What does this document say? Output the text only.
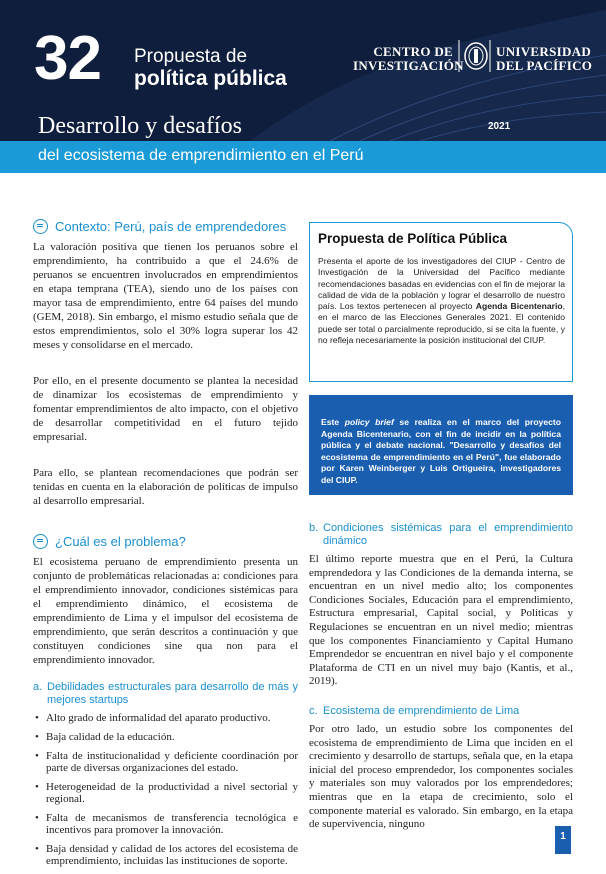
32 Propuesta de
política pública
CENTRO DE
INVESTIGACIÓN
UNIVERSIDAD
DEL PACÍFICO
Desarrollo y desafíos	2021
del ecosistema de emprendimiento en el Perú
Contexto: Perú, país de emprendedores

La valoración positiva que tienen los peruanos sobre el emprendimiento, ha contribuido a que el 24.6% de peruanos se encuentren involucrados en emprendimientos en etapa temprana (TEA), siendo uno de los países con mayor tasa de emprendimiento, entre 64 países del mundo (GEM, 2018). Sin embargo, el mismo estudio señala que de estos emprendimientos, solo el 30% logra superar los 42 meses y consolidarse en el mercado.

Por ello, en el presente documento se plantea la necesidad de dinamizar los ecosistemas de emprendimiento y fomentar emprendimientos de alto impacto, con el objetivo de desarrollar competitividad en el futuro tejido empresarial.

Para ello, se plantean recomendaciones que podrán ser tenidas en cuenta en la elaboración de políticas de impulso al desarrollo empresarial.

¿Cuál es el problema?

El ecosistema peruano de emprendimiento presenta un conjunto de problemáticas relacionadas a: condiciones para el emprendimiento innovador, condiciones sistémicas para el emprendimiento dinámico, el ecosistema de emprendimiento de Lima y el impulsor del ecosistema de emprendimiento, que serán descritos a continuación y que constituyen condiciones sine qua non para el emprendimiento innovador.

a. Debilidades estructurales para desarrollo de más y mejores startups
• Alto grado de informalidad del aparato productivo.
• Baja calidad de la educación.
• Falta de institucionalidad y deficiente coordinación por parte de diversas organizaciones del estado.
• Heterogeneidad de la productividad a nivel sectorial y regional.
• Falta de mecanismos de transferencia tecnológica e incentivos para promover la innovación.
• Baja densidad y calidad de los actores del ecosistema de emprendimiento, incluidas las instituciones de soporte.
Propuesta de Política Pública
Presenta el aporte de los investigadores del CIUP - Centro de Investigación de la Universidad del Pacífico mediante recomendaciones basadas en evidencias con el fin de mejorar la calidad de vida de la población y lograr el desarrollo de nuestro país. Los textos pertenecen al proyecto Agenda Bicentenario, en el marco de las Elecciones Generales 2021. El contenido puede ser total o parcialmente reproducido, si se cita la fuente, y no refleja necesariamente la posición institucional del CIUP.
Este policy brief se realiza en el marco del proyecto Agenda Bicentenario, con el fin de incidir en la política pública y el debate nacional. "Desarrollo y desafíos del ecosistema de emprendimiento en el Perú", fue elaborado por Karen Weinberger y Luis Ortigueira, investigadores del CIUP.
b. Condiciones sistémicas para el emprendimiento dinámico

El último reporte muestra que en el Perú, la Cultura emprendedora y las Condiciones de la demanda interna, se encuentran en un nivel medio alto; los componentes Condiciones Sociales, Educación para el emprendimiento, Estructura empresarial, Capital social, y Políticas y Regulaciones se encuentran en un nivel medio; mientras que los componentes Financiamiento y Capital Humano Emprendedor se encuentran en nivel bajo y el componente Plataforma de CTI en un nivel muy bajo (Kantis, et al., 2019).

c. Ecosistema de emprendimiento de Lima

Por otro lado, un estudio sobre los componentes del ecosistema de emprendimiento de Lima que inciden en el crecimiento y desarrollo de startups, señala que, en la etapa inicial del proceso emprendedor, los componentes sociales y materiales son muy valorados por los emprendedores; mientras que en la etapa de crecimiento, solo el componente material es valorado. Sin embargo, en la etapa de supervivencia, ninguno

1
